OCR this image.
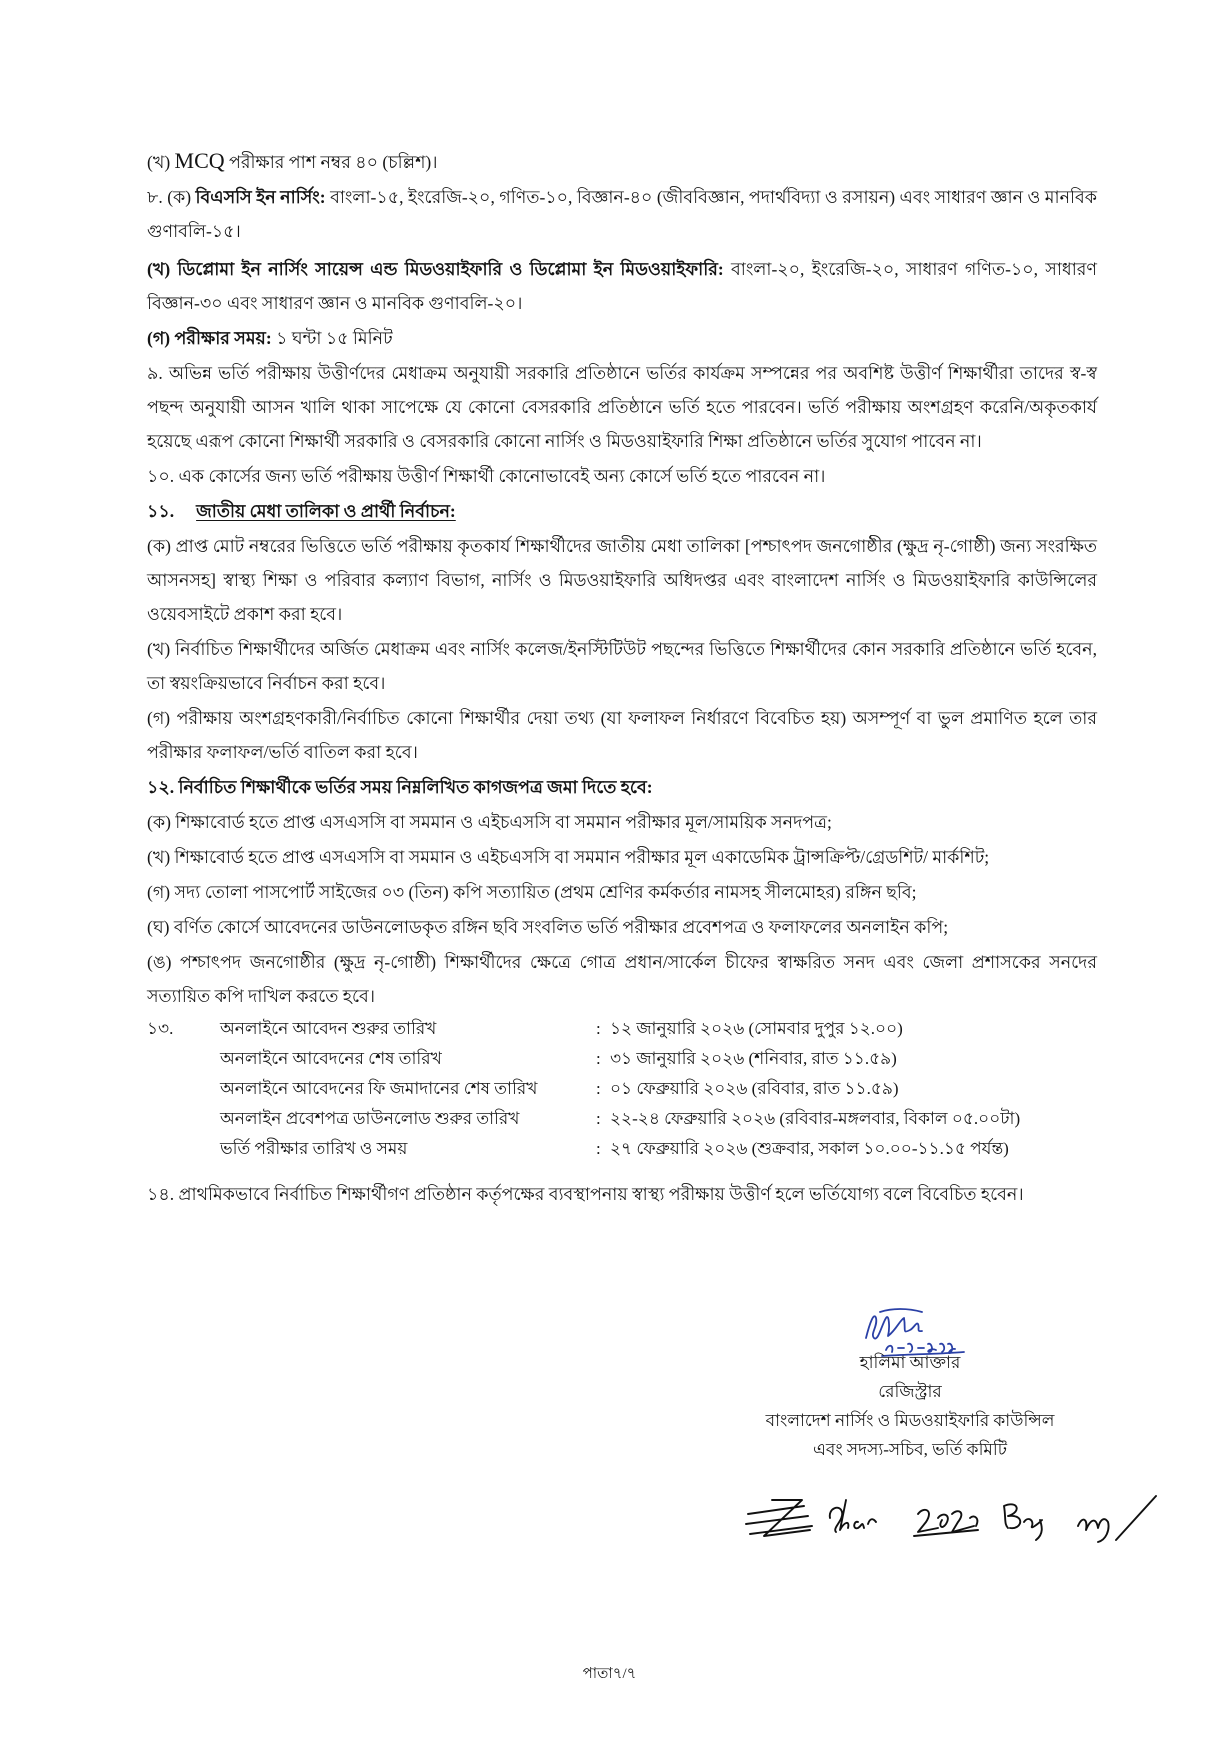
(খ) MCQ পরীক্ষার পাশ নম্বর ৪০ (চল্লিশ)।

৮. (ক) বিএসসি ইন নার্সিং: বাংলা-১৫, ইংরেজি-২০, গণিত-১০, বিজ্ঞান-৪০ (জীববিজ্ঞান, পদার্থবিদ্যা ও রসায়ন) এবং সাধারণ জ্ঞান ও মানবিক গুণাবলি-১৫।

(খ) ডিপ্লোমা ইন নার্সিং সায়েন্স এন্ড মিডওয়াইফারি ও ডিপ্লোমা ইন মিডওয়াইফারি: বাংলা-২০, ইংরেজি-২০, সাধারণ গণিত-১০, সাধারণ বিজ্ঞান-৩০ এবং সাধারণ জ্ঞান ও মানবিক গুণাবলি-২০।

(গ) পরীক্ষার সময়: ১ ঘন্টা ১৫ মিনিট

৯. অভিন্ন ভর্তি পরীক্ষায় উত্তীর্ণদের মেধাক্রম অনুযায়ী সরকারি প্রতিষ্ঠানে ভর্তির কার্যক্রম সম্পন্নের পর অবশিষ্ট উত্তীর্ণ শিক্ষার্থীরা তাদের স্ব-স্ব পছন্দ অনুযায়ী আসন খালি থাকা সাপেক্ষে যে কোনো বেসরকারি প্রতিষ্ঠানে ভর্তি হতে পারবেন। ভর্তি পরীক্ষায় অংশগ্রহণ করেনি/অকৃতকার্য হয়েছে এরূপ কোনো শিক্ষার্থী সরকারি ও বেসরকারি কোনো নার্সিং ও মিডওয়াইফারি শিক্ষা প্রতিষ্ঠানে ভর্তির সুযোগ পাবেন না।

১০. এক কোর্সের জন্য ভর্তি পরীক্ষায় উত্তীর্ণ শিক্ষার্থী কোনোভাবেই অন্য কোর্সে ভর্তি হতে পারবেন না।

১১. জাতীয় মেধা তালিকা ও প্রার্থী নির্বাচন:

(ক) প্রাপ্ত মোট নম্বরের ভিত্তিতে ভর্তি পরীক্ষায় কৃতকার্য শিক্ষার্থীদের জাতীয় মেধা তালিকা [পশ্চাৎপদ জনগোষ্ঠীর (ক্ষুদ্র নৃ-গোষ্ঠী) জন্য সংরক্ষিত আসনসহ] স্বাস্থ্য শিক্ষা ও পরিবার কল্যাণ বিভাগ, নার্সিং ও মিডওয়াইফারি অধিদপ্তর এবং বাংলাদেশ নার্সিং ও মিডওয়াইফারি কাউন্সিলের ওয়েবসাইটে প্রকাশ করা হবে।

(খ) নির্বাচিত শিক্ষার্থীদের অর্জিত মেধাক্রম এবং নার্সিং কলেজ/ইনস্টিটিউট পছন্দের ভিত্তিতে শিক্ষার্থীদের কোন সরকারি প্রতিষ্ঠানে ভর্তি হবেন, তা স্বয়ংক্রিয়ভাবে নির্বাচন করা হবে।

(গ) পরীক্ষায় অংশগ্রহণকারী/নির্বাচিত কোনো শিক্ষার্থীর দেয়া তথ্য (যা ফলাফল নির্ধারণে বিবেচিত হয়) অসম্পূর্ণ বা ভুল প্রমাণিত হলে তার পরীক্ষার ফলাফল/ভর্তি বাতিল করা হবে।

১২. নির্বাচিত শিক্ষার্থীকে ভর্তির সময় নিম্নলিখিত কাগজপত্র জমা দিতে হবে:

(ক) শিক্ষাবোর্ড হতে প্রাপ্ত এসএসসি বা সমমান ও এইচএসসি বা সমমান পরীক্ষার মূল/সাময়িক সনদপত্র;

(খ) শিক্ষাবোর্ড হতে প্রাপ্ত এসএসসি বা সমমান ও এইচএসসি বা সমমান পরীক্ষার মূল একাডেমিক ট্রান্সক্রিপ্ট/গ্রেডশিট/ মার্কশিট;

(গ) সদ্য তোলা পাসপোর্ট সাইজের ০৩ (তিন) কপি সত্যায়িত (প্রথম শ্রেণির কর্মকর্তার নামসহ সীলমোহর) রঙ্গিন ছবি;

(ঘ) বর্ণিত কোর্সে আবেদনের ডাউনলোডকৃত রঙ্গিন ছবি সংবলিত ভর্তি পরীক্ষার প্রবেশপত্র ও ফলাফলের অনলাইন কপি;

(ঙ) পশ্চাৎপদ জনগোষ্ঠীর (ক্ষুদ্র নৃ-গোষ্ঠী) শিক্ষার্থীদের ক্ষেত্রে গোত্র প্রধান/সার্কেল চীফের স্বাক্ষরিত সনদ এবং জেলা প্রশাসকের সনদের সত্যায়িত কপি দাখিল করতে হবে।

১৩.	অনলাইনে আবেদন শুরুর তারিখ	:	১২ জানুয়ারি ২০২৬ (সোমবার দুপুর ১২.০০)
	অনলাইনে আবেদনের শেষ তারিখ	:	৩১ জানুয়ারি ২০২৬ (শনিবার, রাত ১১.৫৯)
	অনলাইনে আবেদনের ফি জমাদানের শেষ তারিখ	:	০১ ফেব্রুয়ারি ২০২৬ (রবিবার, রাত ১১.৫৯)
	অনলাইন প্রবেশপত্র ডাউনলোড শুরুর তারিখ	:	২২-২৪ ফেব্রুয়ারি ২০২৬ (রবিবার-মঙ্গলবার, বিকাল ০৫.০০টা)
	ভর্তি পরীক্ষার তারিখ ও সময়	:	২৭ ফেব্রুয়ারি ২০২৬ (শুক্রবার, সকাল ১০.০০-১১.১৫ পর্যন্ত)

১৪. প্রাথমিকভাবে নির্বাচিত শিক্ষার্থীগণ প্রতিষ্ঠান কর্তৃপক্ষের ব্যবস্থাপনায় স্বাস্থ্য পরীক্ষায় উত্তীর্ণ হলে ভর্তিযোগ্য বলে বিবেচিত হবেন।

হালিমা আক্তার
রেজিস্ট্রার
বাংলাদেশ নার্সিং ও মিডওয়াইফারি কাউন্সিল
এবং সদস্য-সচিব, ভর্তি কমিটি
পাতা৭/৭
